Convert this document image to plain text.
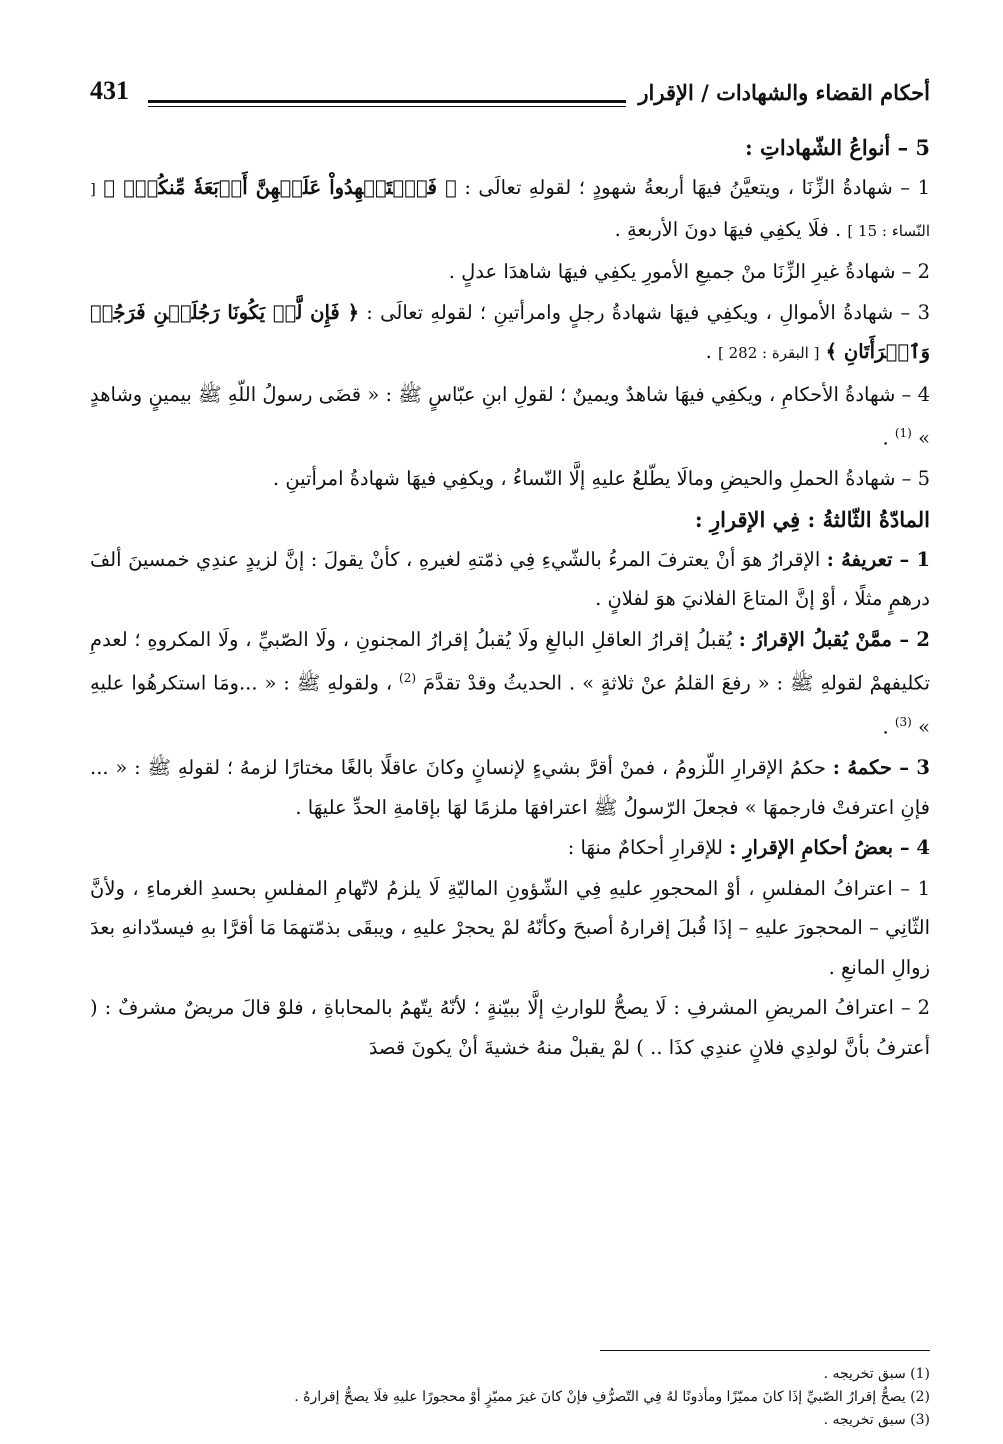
أحكام القضاء والشهادات / الإقرار
431

5 – أنواعُ الشّهاداتِ :

1 – شهادةُ الزِّنَا ، ويتعيَّنُ فيهَا أربعةُ شهودٍ ؛ لقولهِ تعالَى : ﴿ فَٱسۡتَشۡهِدُواْ عَلَيۡهِنَّ أَرۡبَعَةٗ مِّنكُمۡۖ ﴾ [ النّساء : 15 ] . فلَا يكفِي فيهَا دونَ الأربعةِ .

2 – شهادةُ غيرِ الزِّنَا منْ جميعِ الأمورِ يكفِي فيهَا شاهدَا عدلٍ .

3 – شهادةُ الأموالِ ، ويكفِي فيهَا شهادةُ رجلٍ وامرأتينِ ؛ لقولهِ تعالَى : ﴿ فَإِن لَّمۡ يَكُونَا رَجُلَيۡنِ فَرَجُلٞ وَٱمۡرَأَتَانِ ﴾ [ البقرة : 282 ] .

4 – شهادةُ الأحكامِ ، ويكفِي فيهَا شاهدٌ ويمينٌ ؛ لقولِ ابنِ عبّاسٍ ﷺ : « قضَى رسولُ اللّهِ ﷺ بيمينٍ وشاهدٍ » $^{(1)}$ .

5 – شهادةُ الحملِ والحيضِ ومالَا يطّلعُ عليهِ إلَّا النّساءُ ، ويكفِي فيهَا شهادةُ امرأتينِ .

المادّةُ الثّالثةُ : فِي الإقرارِ :

1 – تعريفهُ : الإقرارُ هوَ أنْ يعترفَ المرءُ بالشّيءِ فِي ذمّتهِ لغيرهِ ، كأنْ يقولَ : إنَّ لزيدٍ عندِي خمسينَ ألفَ درهمٍ مثلًا ، أوْ إنَّ المتاعَ الفلانيَ هوَ لفلانٍ .

2 – ممَّنْ يُقبلُ الإقرارُ : يُقبلُ إقرارُ العاقلِ البالغِ ولَا يُقبلُ إقرارُ المجنونِ ، ولَا الصّبيِّ ، ولَا المكروهِ ؛ لعدمِ تكليفهمْ لقولهِ ﷺ : « رفعَ القلمُ عنْ ثلاثةٍ » . الحديثُ وقدْ تقدَّمَ $^{(2)}$ ، ولقولهِ ﷺ : « ...ومَا استكرهُوا عليهِ » $^{(3)}$ .

3 – حكمهُ : حكمُ الإقرارِ اللّزومُ ، فمنْ أقرَّ بشيءٍ لإنسانٍ وكانَ عاقلًا بالغًا مختارًا لزمهُ ؛ لقولهِ ﷺ : « ... فإنِ اعترفتْ فارجمهَا » فجعلَ الرّسولُ ﷺ اعترافهَا ملزمًا لهَا بإقامةِ الحدِّ عليهَا .

4 – بعضُ أحكامِ الإقرارِ : للإقرارِ أحكامٌ منهَا :

1 – اعترافُ المفلسِ ، أوْ المحجورِ عليهِ فِي الشّؤونِ الماليّةِ لَا يلزمُ لاتّهامِ المفلسِ بحسدِ الغرماءِ ، ولأنَّ الثّانِي – المحجورَ عليهِ – إذَا قُبلَ إقرارهُ أصبحَ وكأنّهُ لمْ يحجرْ عليهِ ، ويبقَى بذمّتهمَا مَا أقرَّا بهِ فيسدّدانهِ بعدَ زوالِ المانعِ .

2 – اعترافُ المريضِ المشرفِ : لَا يصحُّ للوارثِ إلَّا ببيّنةٍ ؛ لأنّهُ يتّهمُ بالمحاباةِ ، فلوْ قالَ مريضٌ مشرفٌ : ( أعترفُ بأنَّ لولدِي فلانٍ عندِي كذَا .. ) لمْ يقبلْ منهُ خشيةَ أنْ يكونَ قصدَ

(1) سبق تخريجه .

(2) يصحُّ إقرارُ الصّبيِّ إذَا كانَ مميّزًا ومأذونًا لهُ فِي التّصرُّفِ فإنْ كانَ غيرَ مميّزٍ أوْ محجورًا عليهِ فلَا يصحُّ إقرارهُ .

(3) سبق تخريجه .
